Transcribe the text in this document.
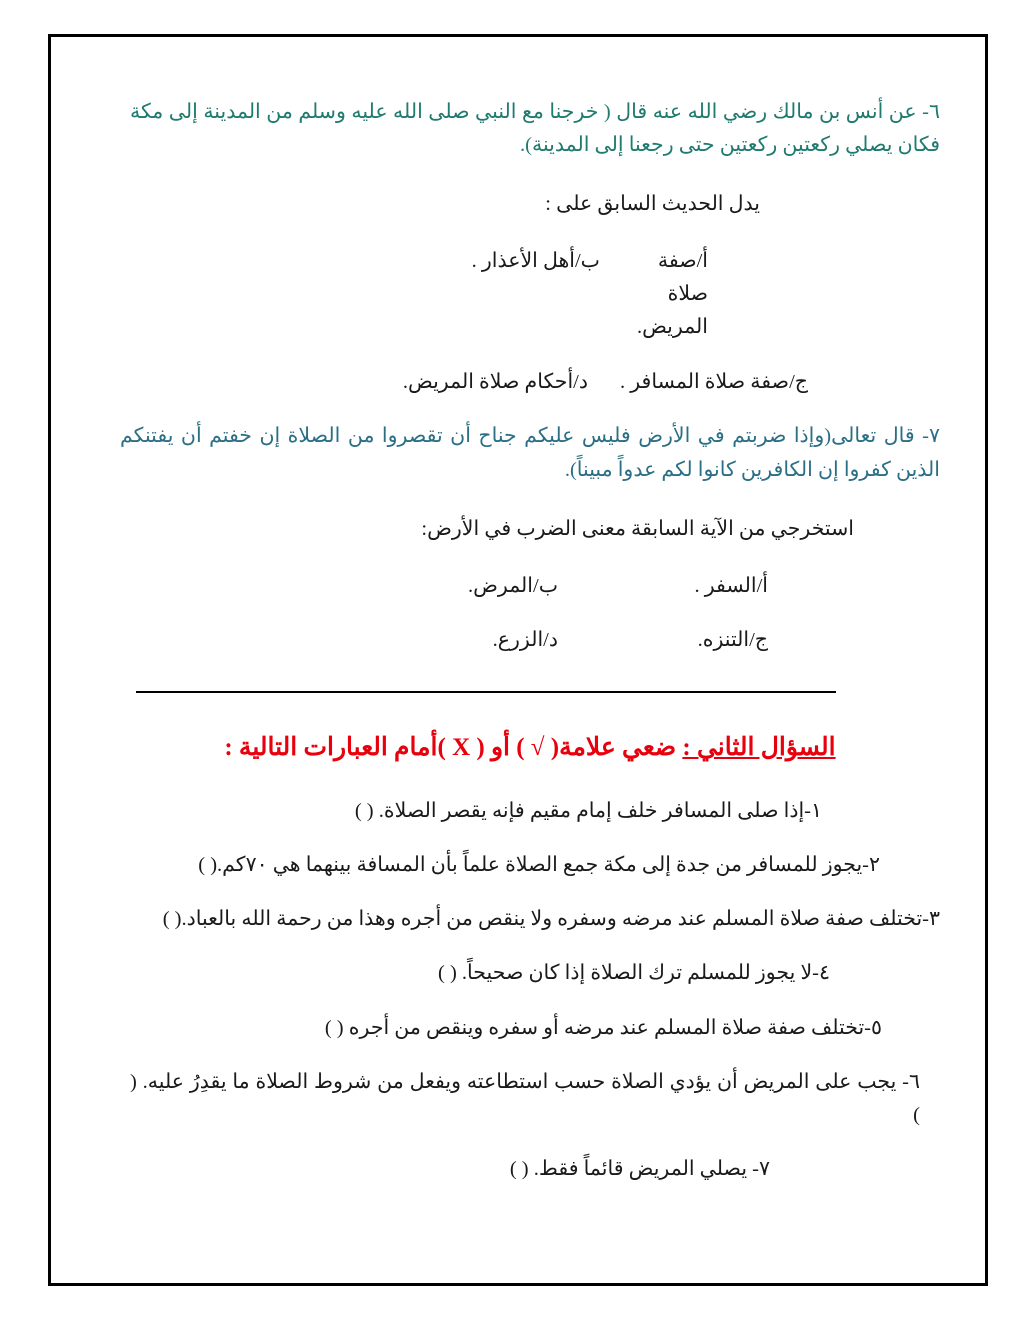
٦- عن أنس بن مالك رضي الله عنه قال ( خرجنا مع النبي صلى الله عليه وسلم من المدينة إلى مكة فكان يصلي ركعتين ركعتين حتى رجعنا إلى المدينة).

يدل الحديث السابق على :

أ/صفة صلاة المريض.
ب/أهل الأعذار .
ج/صفة صلاة المسافر .
د/أحكام صلاة المريض.

٧- قال تعالى(وإذا ضربتم في الأرض فليس عليكم جناح أن تقصروا من الصلاة إن خفتم أن يفتنكم الذين كفروا إن الكافرين كانوا لكم عدواً مبيناً).

استخرجي من الآية السابقة معنى الضرب في الأرض:

أ/السفر .
ب/المرض.
ج/التنزه.
د/الزرع.
السؤال الثاني : ضعي علامة( √ ) أو ( X )أمام العبارات التالية :

١-إذا صلى المسافر خلف إمام مقيم فإنه يقصر الصلاة. ( )

٢-يجوز للمسافر من جدة إلى مكة جمع الصلاة علماً بأن المسافة بينهما هي ٧٠كم.( )

٣-تختلف صفة صلاة المسلم عند مرضه وسفره ولا ينقص من أجره وهذا من رحمة الله بالعباد.( )

٤-لا يجوز للمسلم ترك الصلاة إذا كان صحيحاً. ( )

٥-تختلف صفة صلاة المسلم عند مرضه أو سفره وينقص من أجره ( )

٦- يجب على المريض أن يؤدي الصلاة حسب استطاعته ويفعل من شروط الصلاة ما يقدِرُ عليه. ( )

٧- يصلي المريض قائماً فقط. ( )
